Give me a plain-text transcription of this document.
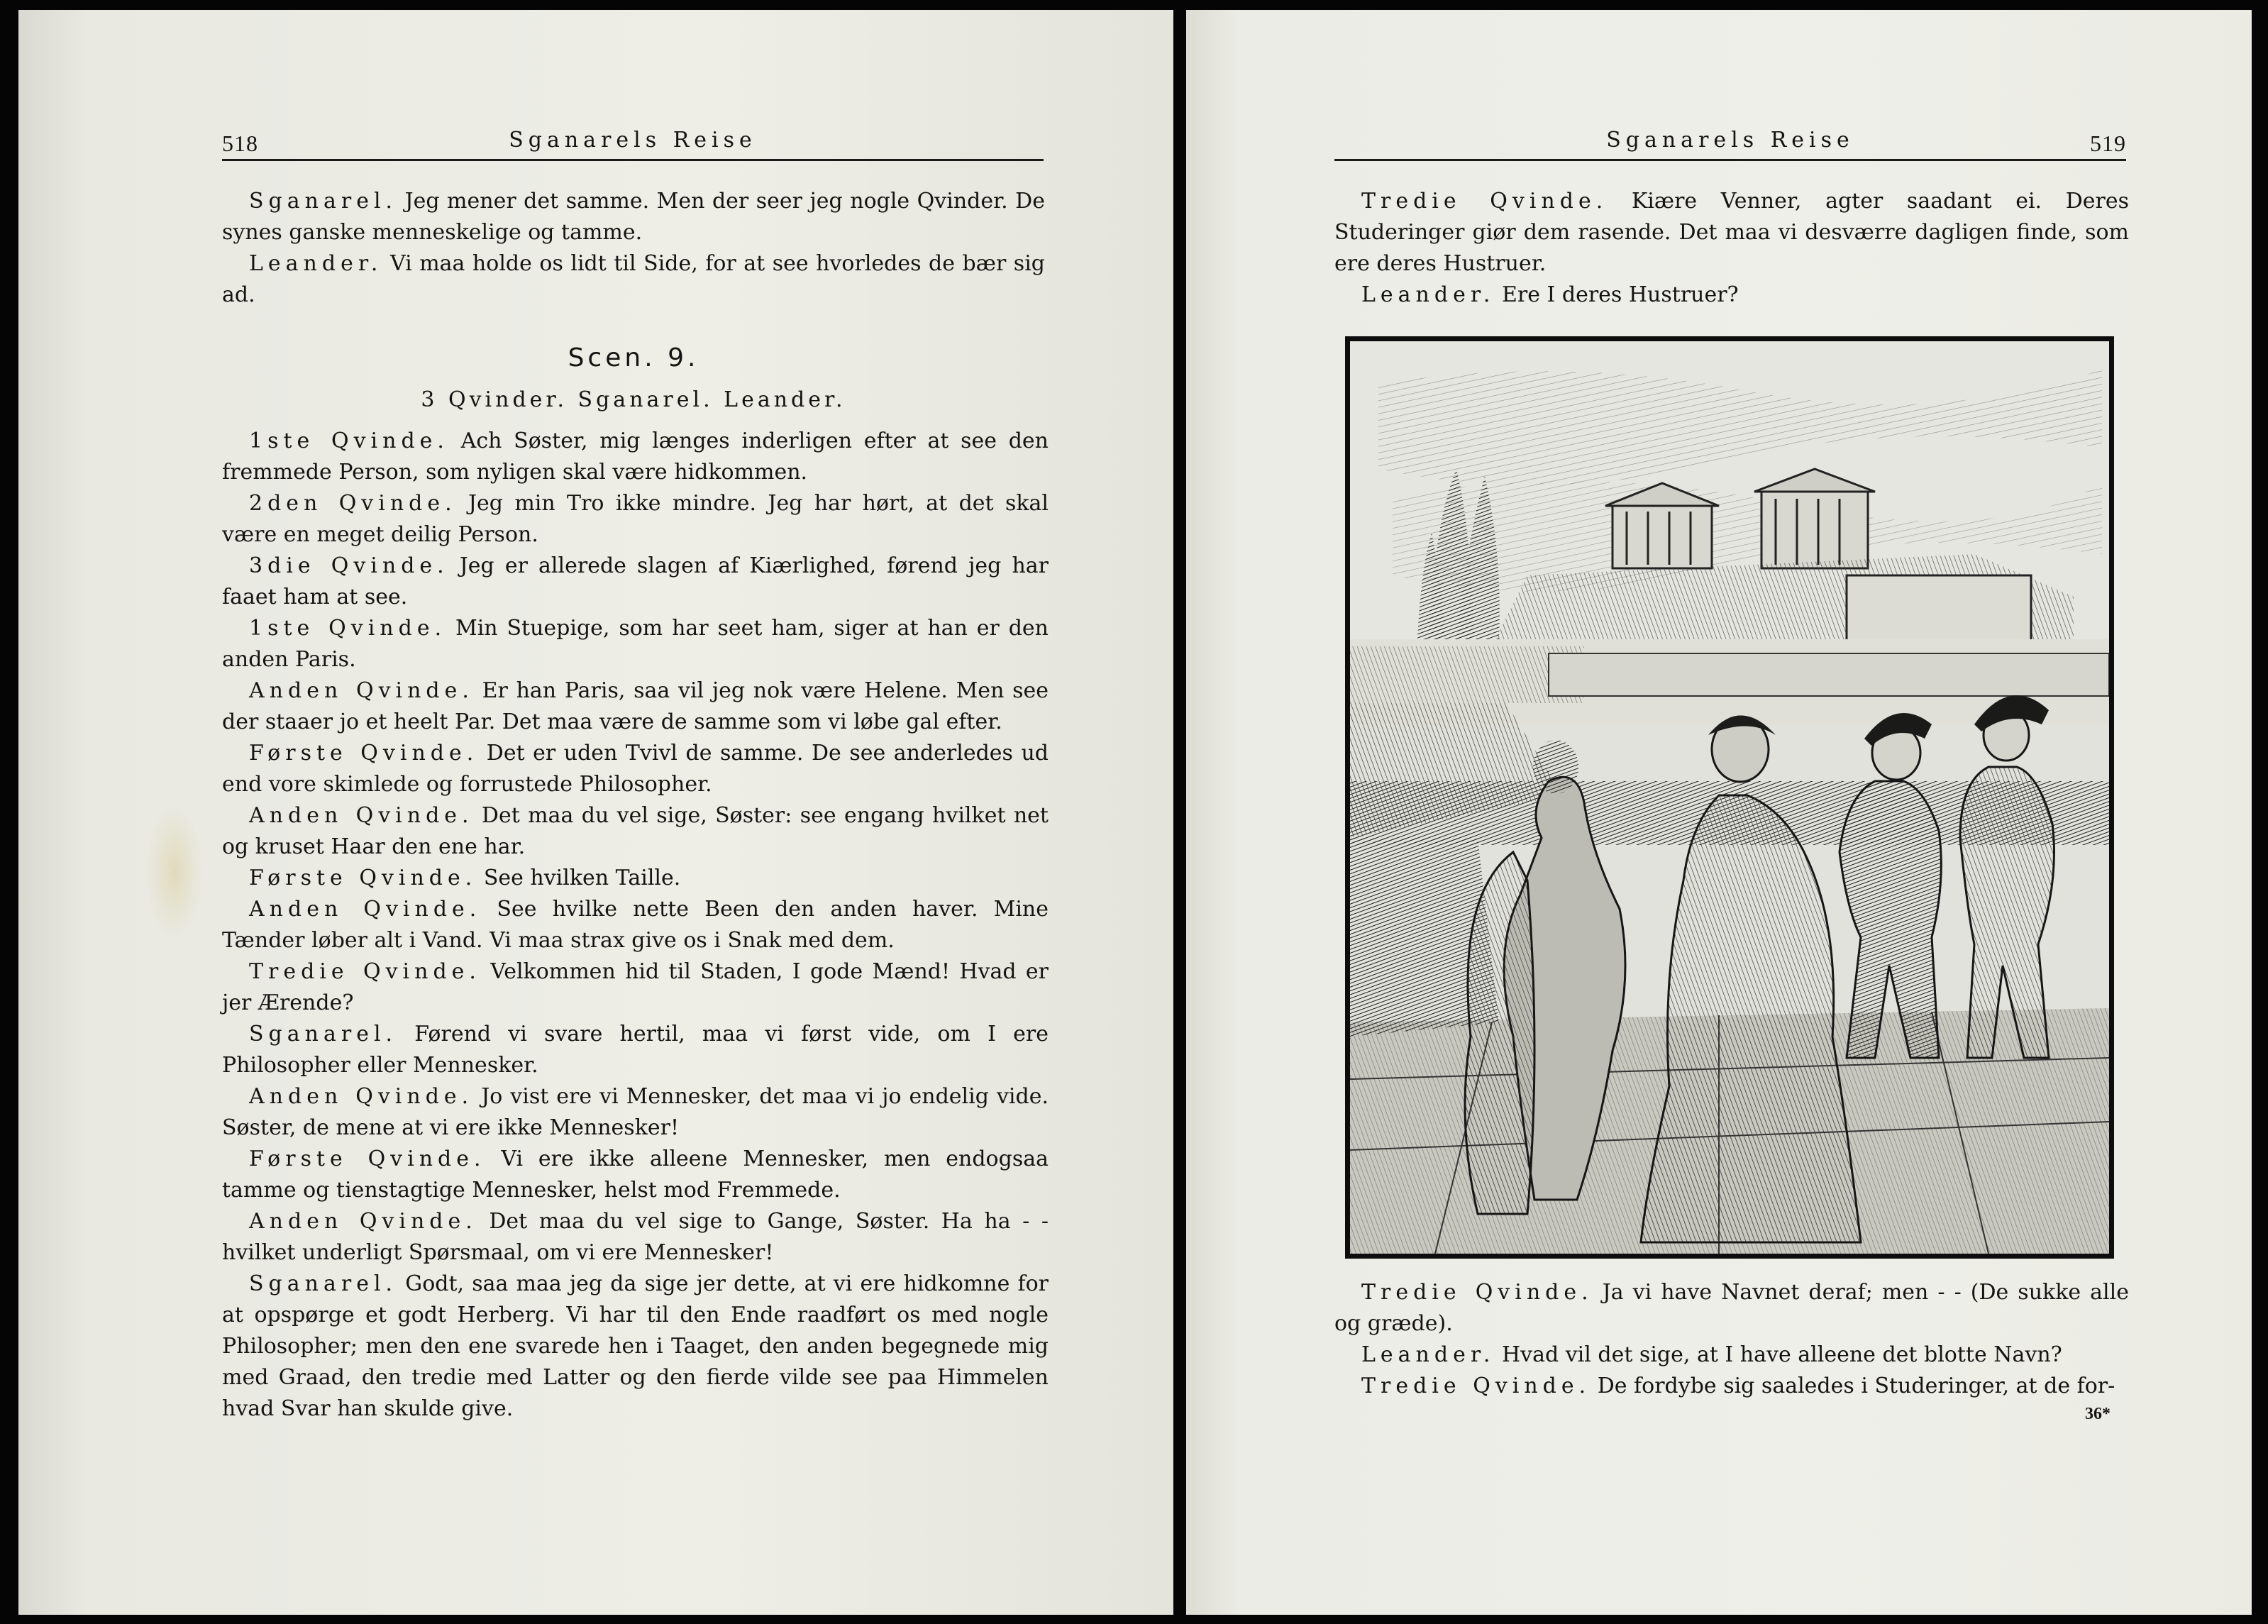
518	Sganarels Reise

Sganarel. Jeg mener det samme. Men der seer jeg nogle Qvinder. De synes ganske menneskelige og tamme.

Leander. Vi maa holde os lidt til Side, for at see hvorledes de bær sig ad.

Scen. 9.
3 Qvinder. Sganarel. Leander.

1ste Qvinde. Ach Søster, mig længes inderligen efter at see den fremmede Person, som nyligen skal være hidkommen.

2den Qvinde. Jeg min Tro ikke mindre. Jeg har hørt, at det skal være en meget deilig Person.

3die Qvinde. Jeg er allerede slagen af Kiærlighed, førend jeg har faaet ham at see.

1ste Qvinde. Min Stuepige, som har seet ham, siger at han er den anden Paris.

Anden Qvinde. Er han Paris, saa vil jeg nok være Helene. Men see der staaer jo et heelt Par. Det maa være de samme som vi løbe gal efter.

Første Qvinde. Det er uden Tvivl de samme. De see anderledes ud end vore skimlede og forrustede Philosopher.

Anden Qvinde. Det maa du vel sige, Søster: see engang hvilket net og kruset Haar den ene har.

Første Qvinde. See hvilken Taille.

Anden Qvinde. See hvilke nette Been den anden haver. Mine Tænder løber alt i Vand. Vi maa strax give os i Snak med dem.

Tredie Qvinde. Velkommen hid til Staden, I gode Mænd! Hvad er jer Ærende?

Sganarel. Førend vi svare hertil, maa vi først vide, om I ere Philosopher eller Mennesker.

Anden Qvinde. Jo vist ere vi Mennesker, det maa vi jo endelig vide. Søster, de mene at vi ere ikke Mennesker!

Første Qvinde. Vi ere ikke alleene Mennesker, men endogsaa tamme og tienstagtige Mennesker, helst mod Fremmede.

Anden Qvinde. Det maa du vel sige to Gange, Søster. Ha ha - - hvilket underligt Spørsmaal, om vi ere Mennesker!

Sganarel. Godt, saa maa jeg da sige jer dette, at vi ere hidkomne for at opspørge et godt Herberg. Vi har til den Ende raadført os med nogle Philosopher; men den ene svarede hen i Taaget, den anden begegnede mig med Graad, den tredie med Latter og den fierde vilde see paa Himmelen hvad Svar han skulde give.

Sganarels Reise	519

Tredie Qvinde. Kiære Venner, agter saadant ei. Deres Studeringer giør dem rasende. Det maa vi desværre dagligen finde, som ere deres Hustruer.

Leander. Ere I deres Hustruer?

Tredie Qvinde. Ja vi have Navnet deraf; men - - (De sukke alle og græde).

Leander. Hvad vil det sige, at I have alleene det blotte Navn?

Tredie Qvinde. De fordybe sig saaledes i Studeringer, at de for-

36*
